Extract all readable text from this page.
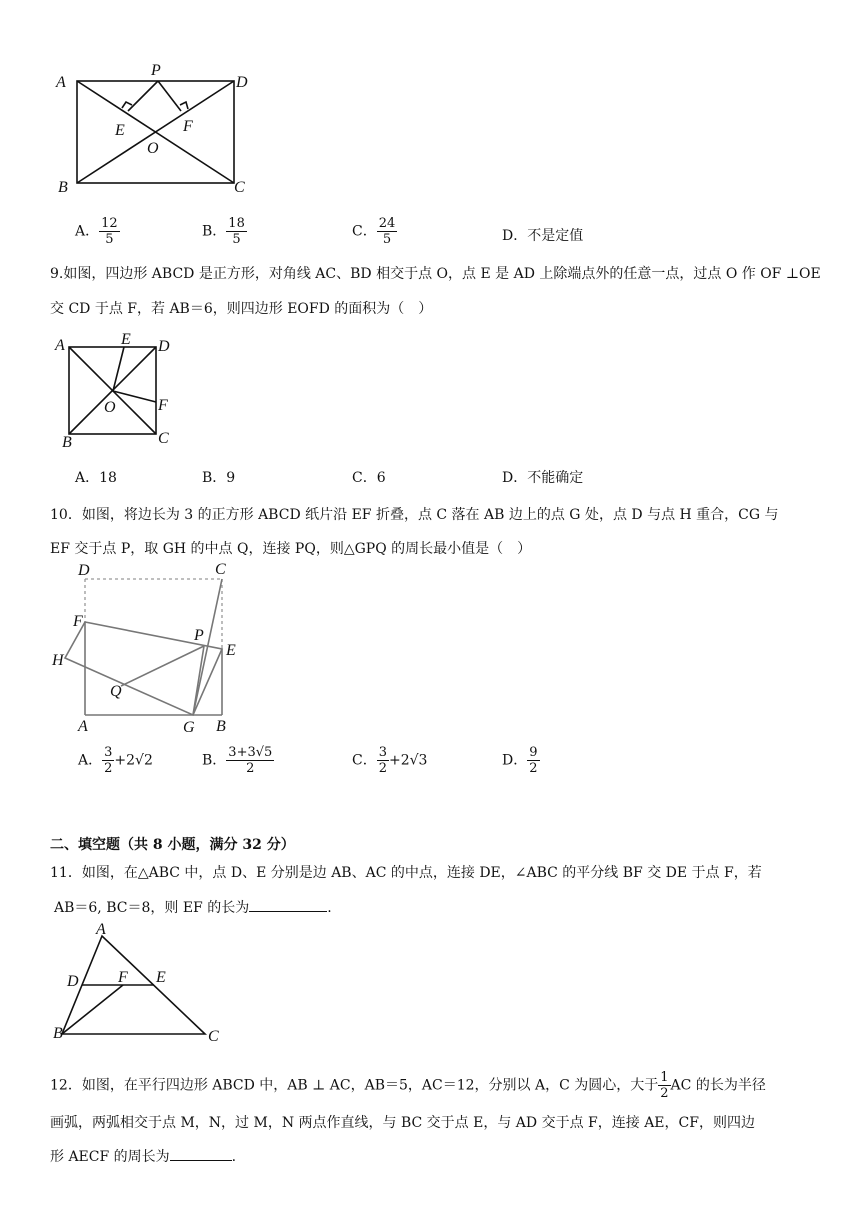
A
P
D
E	F
O
B	C
A． $\frac{12}{5}$	B． $\frac{18}{5}$	C． $\frac{24}{5}$	D．不是定值
9.如图，四边形 ABCD 是正方形，对角线 AC、BD 相交于点 O，点 E 是 AD 上除端点外的任意一点，过点 O 作 OF ⊥OE
交 CD 于点 F，若 AB＝6，则四边形 EOFD 的面积为（　）
A	E D
O	F
B	C
A．18	B．9	C．6	D．不能确定
10．如图，将边长为 3 的正方形 ABCD 纸片沿 EF 折叠，点 C 落在 AB 边上的点 G 处，点 D 与点 H 重合，CG 与
EF 交于点 P，取 GH 的中点 Q，连接 PQ，则△GPQ 的周长最小值是（　）
D	C
F
P
E
H
Q
A	G B
A． $\frac{3}{2} +2√2$	B． $\frac{3+3√5}{2}$	C． $\frac{3}{2} +2√3$	D． $\frac{9}{2}$
二、填空题（共 8 小题，满分 32 分）
11．如图，在△ABC 中，点 D、E 分别是边 AB、AC 的中点，连接 DE，∠ABC 的平分线 BF 交 DE 于点 F，若
AB＝6, BC＝8，则 EF 的长为	.
A
D F E
B	C
12．如图，在平行四边形 ABCD 中，AB ⊥ AC，AB＝5，AC＝12，分别以 A，C 为圆心，大于 $\frac{1}{2}$ AC 的长为半径
画弧，两弧相交于点 M，N，过 M，N 两点作直线，与 BC 交于点 E，与 AD 交于点 F，连接 AE，CF，则四边
形 AECF 的周长为	.
